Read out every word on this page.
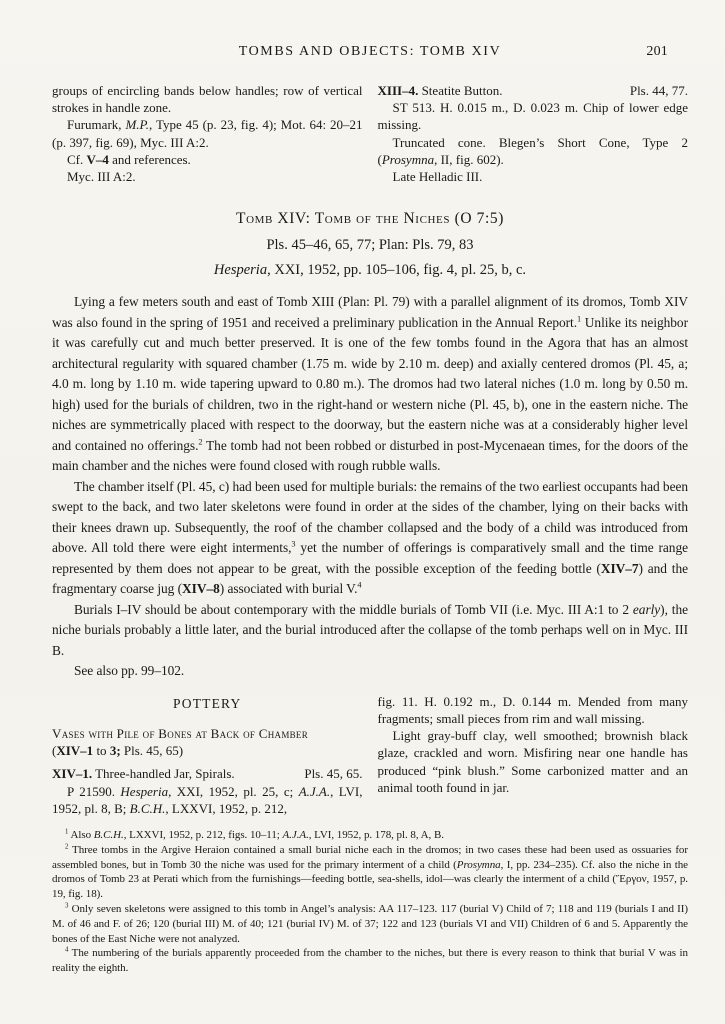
TOMBS AND OBJECTS: TOMB XIV	201

groups of encircling bands below handles; row of vertical strokes in handle zone.

Furumark, M.P., Type 45 (p. 23, fig. 4); Mot. 64: 20–21 (p. 397, fig. 69), Myc. III A:2.

Cf. V–4 and references.

Myc. III A:2.

XIII–4. Steatite Button.	Pls. 44, 77.

ST 513. H. 0.015 m., D. 0.023 m. Chip of lower edge missing.

Truncated cone. Blegen’s Short Cone, Type 2 (Prosymna, II, fig. 602).

Late Helladic III.

Tomb XIV: Tomb of the Niches (O 7:5)
Pls. 45–46, 65, 77; Plan: Pls. 79, 83
Hesperia, XXI, 1952, pp. 105–106, fig. 4, pl. 25, b, c.

Lying a few meters south and east of Tomb XIII (Plan: Pl. 79) with a parallel alignment of its dromos, Tomb XIV was also found in the spring of 1951 and received a preliminary publication in the Annual Report.$^1$ Unlike its neighbor it was carefully cut and much better preserved. It is one of the few tombs found in the Agora that has an almost architectural regularity with squared chamber (1.75 m. wide by 2.10 m. deep) and axially centered dromos (Pl. 45, a; 4.0 m. long by 1.10 m. wide tapering upward to 0.80 m.). The dromos had two lateral niches (1.0 m. long by 0.50 m. high) used for the burials of children, two in the right-hand or western niche (Pl. 45, b), one in the eastern niche. The niches are symmetrically placed with respect to the doorway, but the eastern niche was at a considerably higher level and contained no offerings.$^2$ The tomb had not been robbed or disturbed in post-Mycenaean times, for the doors of the main chamber and the niches were found closed with rough rubble walls.

The chamber itself (Pl. 45, c) had been used for multiple burials: the remains of the two earliest occupants had been swept to the back, and two later skeletons were found in order at the sides of the chamber, lying on their backs with their knees drawn up. Subsequently, the roof of the chamber collapsed and the body of a child was introduced from above. All told there were eight interments,$^3$ yet the number of offerings is comparatively small and the time range represented by them does not appear to be great, with the possible exception of the feeding bottle (XIV–7) and the fragmentary coarse jug (XIV–8) associated with burial V.$^4$

Burials I–IV should be about contemporary with the middle burials of Tomb VII (i.e. Myc. III A:1 to 2 early), the niche burials probably a little later, and the burial introduced after the collapse of the tomb perhaps well on in Myc. III B.

See also pp. 99–102.

POTTERY
Vases with Pile of Bones at Back of Chamber
(XIV–1 to 3; Pls. 45, 65)

XIV–1. Three-handled Jar, Spirals.	Pls. 45, 65.

P 21590. Hesperia, XXI, 1952, pl. 25, c; A.J.A., LVI, 1952, pl. 8, B; B.C.H., LXXVI, 1952, p. 212,

fig. 11. H. 0.192 m., D. 0.144 m. Mended from many fragments; small pieces from rim and wall missing.

Light gray-buff clay, well smoothed; brownish black glaze, crackled and worn. Misfiring near one handle has produced “pink blush.” Some carbonized matter and an animal tooth found in jar.

$^1$ Also B.C.H., LXXVI, 1952, p. 212, figs. 10–11; A.J.A., LVI, 1952, p. 178, pl. 8, A, B.

$^2$ Three tombs in the Argive Heraion contained a small burial niche each in the dromos; in two cases these had been used as ossuaries for assembled bones, but in Tomb 30 the niche was used for the primary interment of a child (Prosymna, I, pp. 234–235). Cf. also the niche in the dromos of Tomb 23 at Perati which from the furnishings—feeding bottle, sea-shells, idol—was clearly the interment of a child (Ἔργον, 1957, p. 19, fig. 18).

$^3$ Only seven skeletons were assigned to this tomb in Angel’s analysis: AA 117–123. 117 (burial V) Child of 7; 118 and 119 (burials I and II) M. of 46 and F. of 26; 120 (burial III) M. of 40; 121 (burial IV) M. of 37; 122 and 123 (burials VI and VII) Children of 6 and 5. Apparently the bones of the East Niche were not analyzed.

$^4$ The numbering of the burials apparently proceeded from the chamber to the niches, but there is every reason to think that burial V was in reality the eighth.
